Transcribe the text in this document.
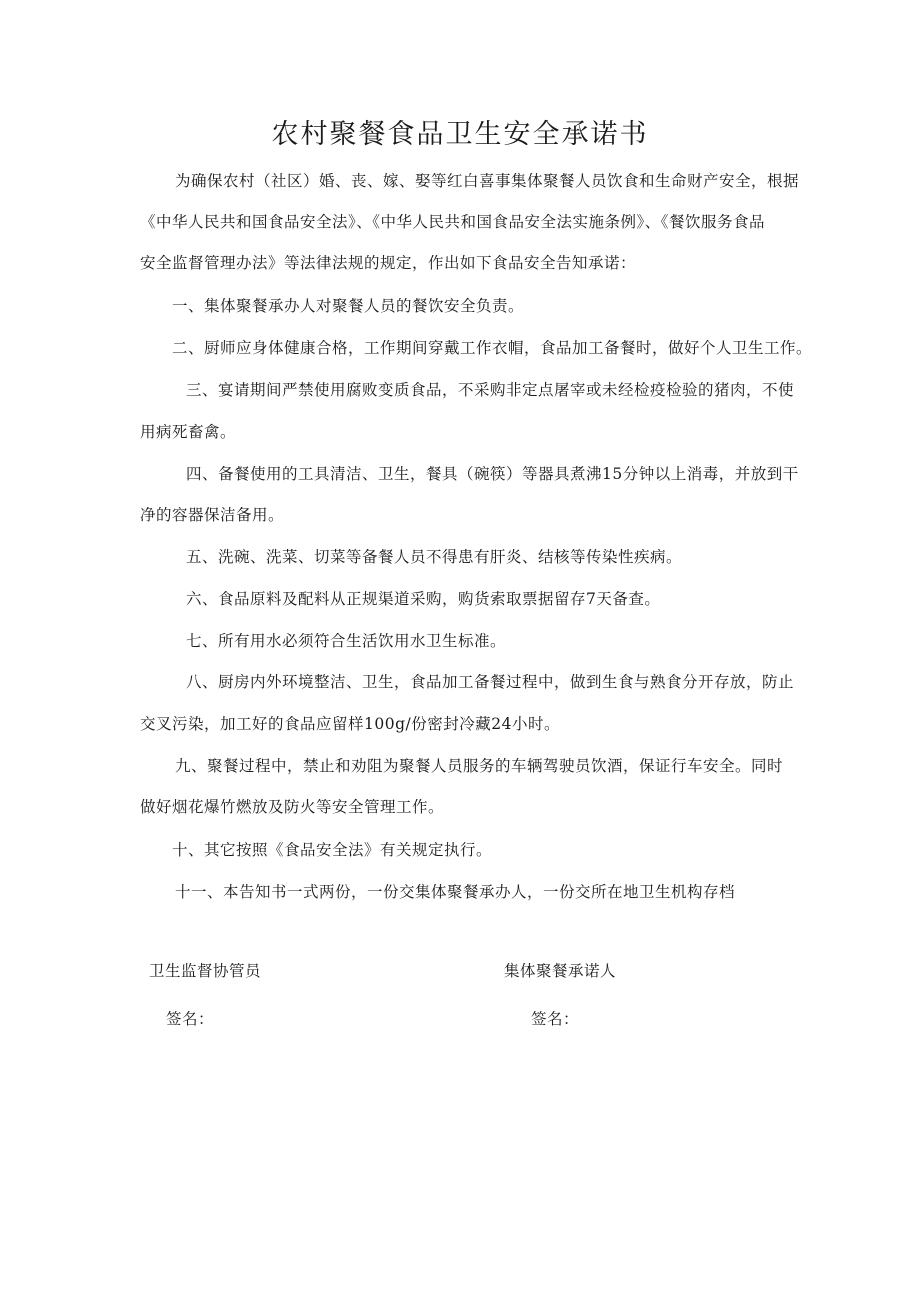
农村聚餐食品卫生安全承诺书
为确保农村（社区）婚、丧、嫁、娶等红白喜事集体聚餐人员饮食和生命财产安全，根据
《中华人民共和国食品安全法》、《中华人民共和国食品安全法实施条例》、《餐饮服务食品
安全监督管理办法》等法律法规的规定，作出如下食品安全告知承诺：
一、集体聚餐承办人对聚餐人员的餐饮安全负责。
二、厨师应身体健康合格，工作期间穿戴工作衣帽，食品加工备餐时，做好个人卫生工作。
三、宴请期间严禁使用腐败变质食品，不采购非定点屠宰或未经检疫检验的猪肉，不使
用病死畜禽。
四、备餐使用的工具清洁、卫生，餐具（碗筷）等器具煮沸15分钟以上消毒，并放到干
净的容器保洁备用。
五、洗碗、洗菜、切菜等备餐人员不得患有肝炎、结核等传染性疾病。
六、食品原料及配料从正规渠道采购，购货索取票据留存7天备查。
七、所有用水必须符合生活饮用水卫生标准。
八、厨房内外环境整洁、卫生，食品加工备餐过程中，做到生食与熟食分开存放，防止
交叉污染，加工好的食品应留样100g/份密封冷藏24小时。
九、聚餐过程中，禁止和劝阻为聚餐人员服务的车辆驾驶员饮酒，保证行车安全。同时
做好烟花爆竹燃放及防火等安全管理工作。
十、其它按照《食品安全法》有关规定执行。
十一、本告知书一式两份，一份交集体聚餐承办人，一份交所在地卫生机构存档
卫生监督协管员
签名：
集体聚餐承诺人
签名：
